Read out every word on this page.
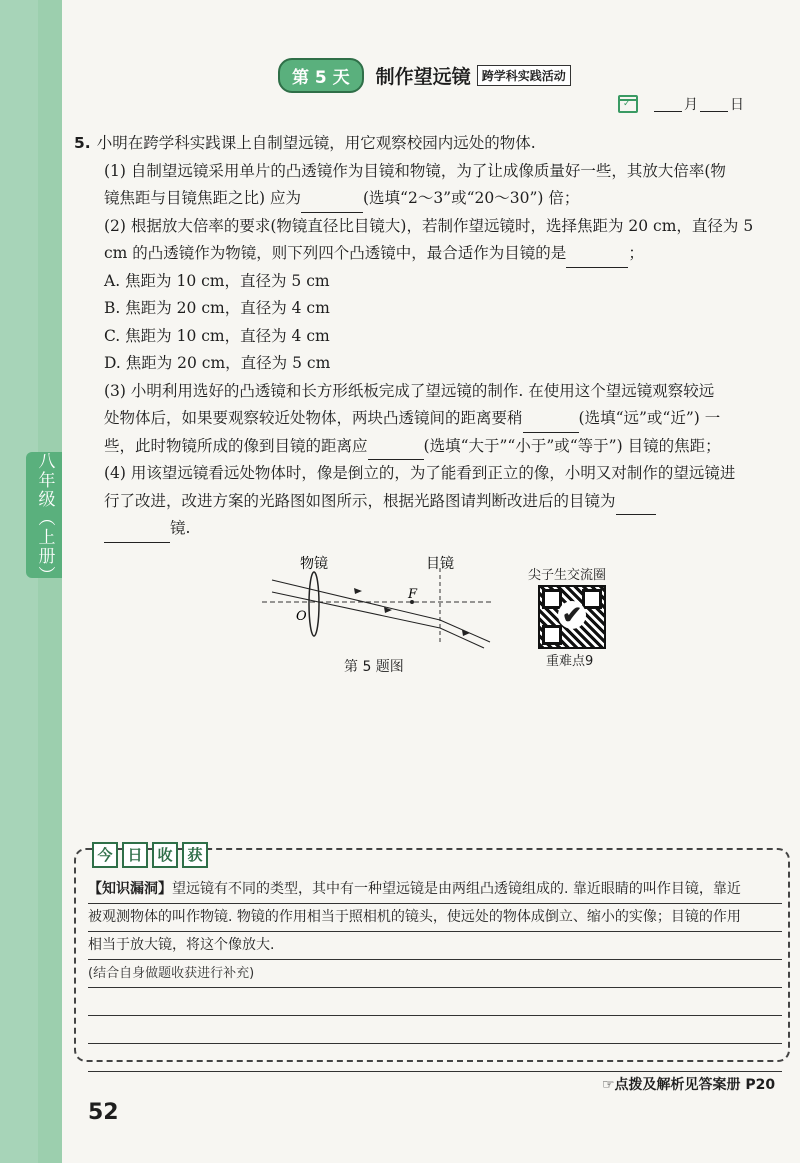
八年级（上册）
第 5 天	制作望远镜 跨学科实践活动
✓
月 日

5. 小明在跨学科实践课上自制望远镜，用它观察校园内远处的物体.

(1) 自制望远镜采用单片的凸透镜作为目镜和物镜，为了让成像质量好一些，其放大倍率(物

镜焦距与目镜焦距之比) 应为	(选填“2～3”或“20～30”) 倍；

(2) 根据放大倍率的要求(物镜直径比目镜大)，若制作望远镜时，选择焦距为 20 cm，直径为 5

cm 的凸透镜作为物镜，则下列四个凸透镜中，最合适作为目镜的是	；

A. 焦距为 10 cm，直径为 5 cm

B. 焦距为 20 cm，直径为 4 cm

C. 焦距为 10 cm，直径为 4 cm

D. 焦距为 20 cm，直径为 5 cm

(3) 小明利用选好的凸透镜和长方形纸板完成了望远镜的制作. 在使用这个望远镜观察较远

处物体后，如果要观察较近处物体，两块凸透镜间的距离要稍	(选填“远”或“近”) 一

些，此时物镜所成的像到目镜的距离应	(选填“大于”“小于”或“等于”) 目镜的焦距；

(4) 用该望远镜看远处物体时，像是倒立的，为了能看到正立的像，小明又对制作的望远镜进

行了改进，改进方案的光路图如图所示，根据光路图请判断改进后的目镜为

镜.

物镜	目镜
F
O
第 5 题图
尖子生交流圈
✔
重难点9
今 日 收 获

【知识漏洞】望远镜有不同的类型，其中有一种望远镜是由两组凸透镜组成的. 靠近眼睛的叫作目镜，靠近

被观测物体的叫作物镜. 物镜的作用相当于照相机的镜头，使远处的物体成倒立、缩小的实像；目镜的作用

相当于放大镜，将这个像放大.

(结合自身做题收获进行补充)

☞点拨及解析见答案册 P20
52
